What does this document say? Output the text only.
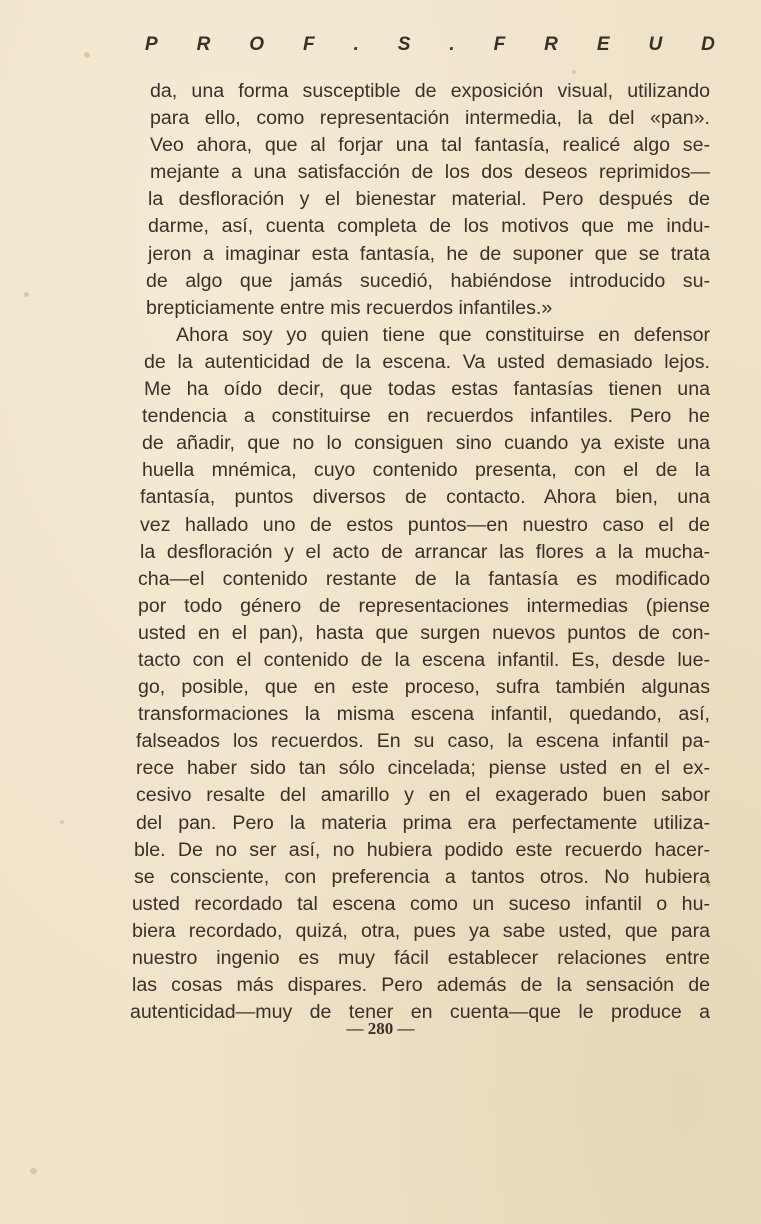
P R O F . S . F R E U D
da, una forma susceptible de exposición visual, utilizando
para ello, como representación intermedia, la del «pan».
Veo ahora, que al forjar una tal fantasía, realicé algo se-
mejante a una satisfacción de los dos deseos reprimidos—
la desfloración y el bienestar material. Pero después de
darme, así, cuenta completa de los motivos que me indu-
jeron a imaginar esta fantasía, he de suponer que se trata
de algo que jamás sucedió, habiéndose introducido su-
brepticiamente entre mis recuerdos infantiles.»
Ahora soy yo quien tiene que constituirse en defensor
de la autenticidad de la escena. Va usted demasiado lejos.
Me ha oído decir, que todas estas fantasías tienen una
tendencia a constituirse en recuerdos infantiles. Pero he
de añadir, que no lo consiguen sino cuando ya existe una
huella mnémica, cuyo contenido presenta, con el de la
fantasía, puntos diversos de contacto. Ahora bien, una
vez hallado uno de estos puntos—en nuestro caso el de
la desfloración y el acto de arrancar las flores a la mucha-
cha—el contenido restante de la fantasía es modificado
por todo género de representaciones intermedias (piense
usted en el pan), hasta que surgen nuevos puntos de con-
tacto con el contenido de la escena infantil. Es, desde lue-
go, posible, que en este proceso, sufra también algunas
transformaciones la misma escena infantil, quedando, así,
falseados los recuerdos. En su caso, la escena infantil pa-
rece haber sido tan sólo cincelada; piense usted en el ex-
cesivo resalte del amarillo y en el exagerado buen sabor
del pan. Pero la materia prima era perfectamente utiliza-
ble. De no ser así, no hubiera podido este recuerdo hacer-
se consciente, con preferencia a tantos otros. No hubiera
usted recordado tal escena como un suceso infantil o hu-
biera recordado, quizá, otra, pues ya sabe usted, que para
nuestro ingenio es muy fácil establecer relaciones entre
las cosas más dispares. Pero además de la sensación de
autenticidad—muy de tener en cuenta—que le produce a
— 280 —
